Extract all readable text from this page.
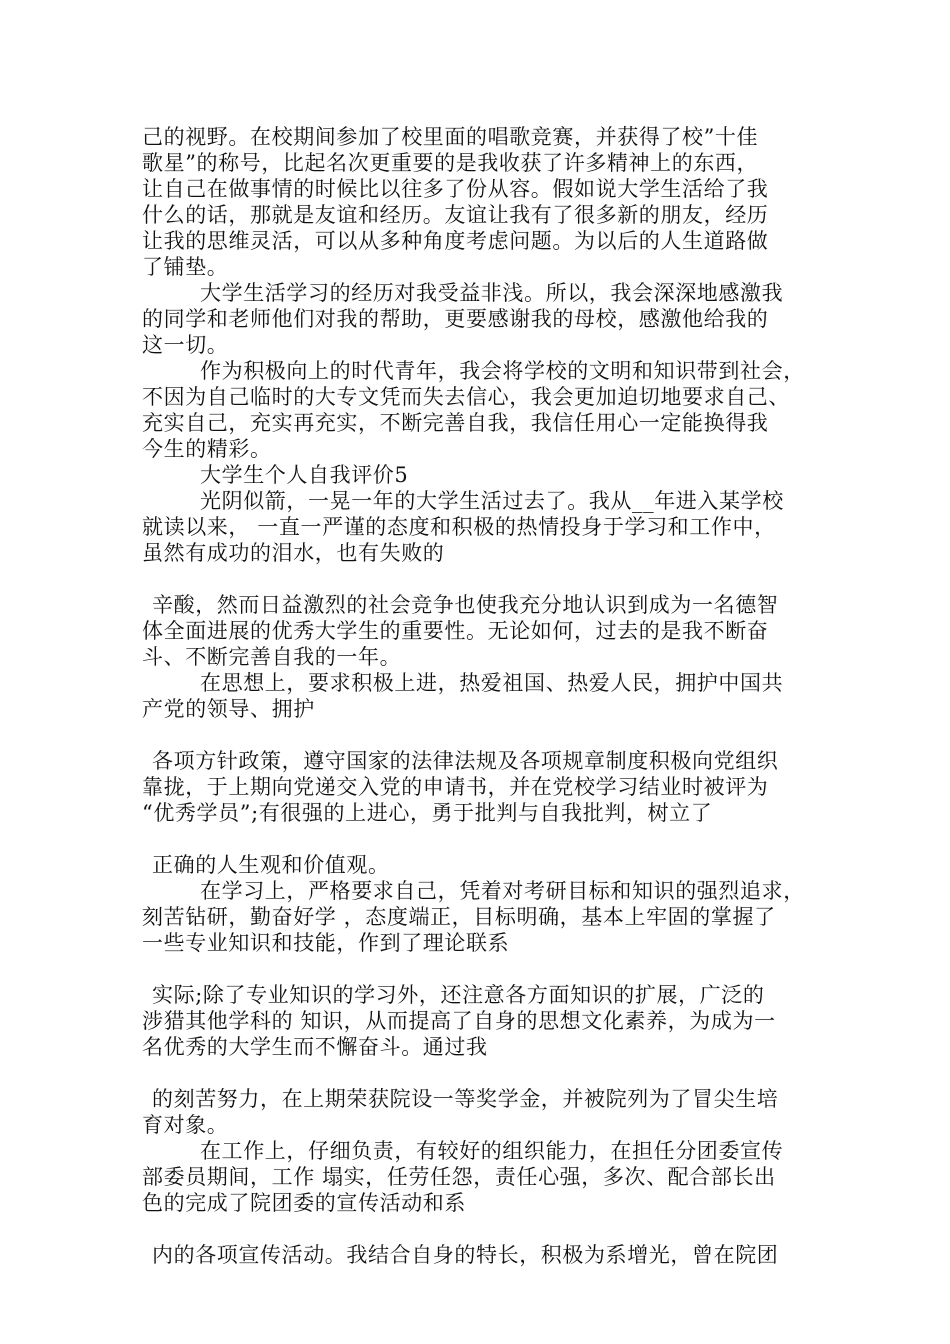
己的视野。在校期间参加了校里面的唱歌竞赛，并获得了校”十佳

歌星”的称号，比起名次更重要的是我收获了许多精神上的东西，

让自己在做事情的时候比以往多了份从容。假如说大学生活给了我

什么的话，那就是友谊和经历。友谊让我有了很多新的朋友，经历

让我的思维灵活，可以从多种角度考虑问题。为以后的人生道路做

了铺垫。

大学生活学习的经历对我受益非浅。所以，我会深深地感激我

的同学和老师他们对我的帮助，更要感谢我的母校，感激他给我的

这一切。

作为积极向上的时代青年，我会将学校的文明和知识带到社会，

不因为自己临时的大专文凭而失去信心，我会更加迫切地要求自己、

充实自己，充实再充实，不断完善自我，我信任用心一定能换得我

今生的精彩。

大学生个人自我评价5

光阴似箭，一晃一年的大学生活过去了。我从__年进入某学校

就读以来， 一直一严谨的态度和积极的热情投身于学习和工作中，

虽然有成功的泪水，也有失败的

辛酸，然而日益激烈的社会竞争也使我充分地认识到成为一名德智

体全面进展的优秀大学生的重要性。无论如何，过去的是我不断奋

斗、不断完善自我的一年。

在思想上，要求积极上进，热爱祖国、热爱人民，拥护中国共

产党的领导、拥护

各项方针政策，遵守国家的法律法规及各项规章制度积极向党组织

靠拢，于上期向党递交入党的申请书，并在党校学习结业时被评为

“优秀学员”;有很强的上进心，勇于批判与自我批判，树立了

正确的人生观和价值观。

在学习上，严格要求自己，凭着对考研目标和知识的强烈追求，

刻苦钻研，勤奋好学 ，态度端正，目标明确，基本上牢固的掌握了

一些专业知识和技能，作到了理论联系

实际;除了专业知识的学习外，还注意各方面知识的扩展，广泛的

涉猎其他学科的 知识，从而提高了自身的思想文化素养，为成为一

名优秀的大学生而不懈奋斗。通过我

的刻苦努力，在上期荣获院设一等奖学金，并被院列为了冒尖生培

育对象。

在工作上，仔细负责，有较好的组织能力，在担任分团委宣传

部委员期间，工作 塌实，任劳任怨，责任心强，多次、配合部长出

色的完成了院团委的宣传活动和系

内的各项宣传活动。我结合自身的特长，积极为系增光，曾在院团
